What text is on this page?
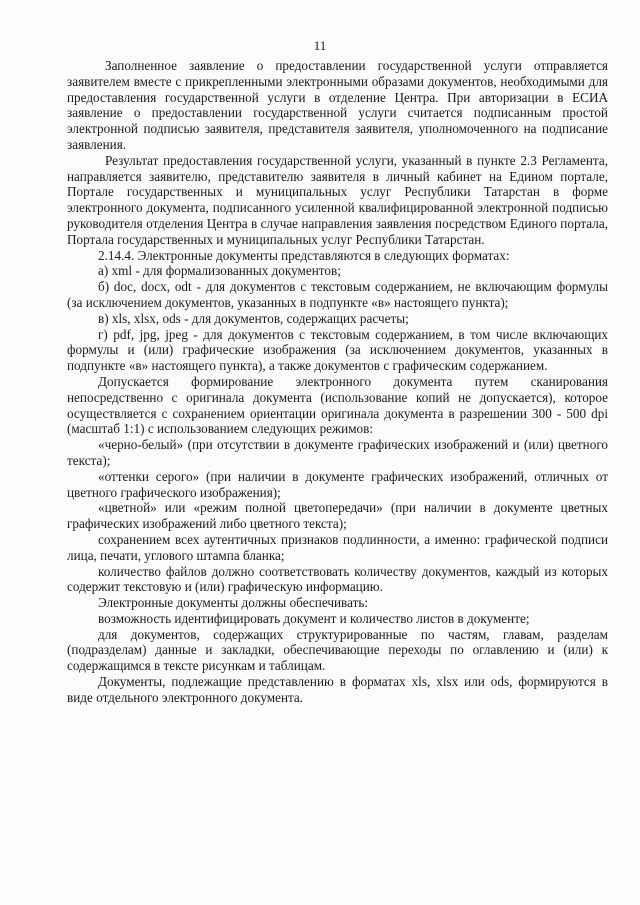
11

Заполненное заявление о предоставлении государственной услуги отправляется заявителем вместе с прикрепленными электронными образами документов, необходимыми для предоставления государственной услуги в отделение Центра. При авторизации в ЕСИА заявление о предоставлении государственной услуги считается подписанным простой электронной подписью заявителя, представителя заявителя, уполномоченного на подписание заявления.

Результат предоставления государственной услуги, указанный в пункте 2.3 Регламента, направляется заявителю, представителю заявителя в личный кабинет на Едином портале, Портале государственных и муниципальных услуг Республики Татарстан в форме электронного документа, подписанного усиленной квалифицированной электронной подписью руководителя отделения Центра в случае направления заявления посредством Единого портала, Портала государственных и муниципальных услуг Республики Татарстан.

2.14.4. Электронные документы представляются в следующих форматах:

а) xml - для формализованных документов;

б) doc, docx, odt - для документов с текстовым содержанием, не включающим формулы (за исключением документов, указанных в подпункте «в» настоящего пункта);

в) xls, xlsx, ods - для документов, содержащих расчеты;

г) pdf, jpg, jpeg - для документов с текстовым содержанием, в том числе включающих формулы и (или) графические изображения (за исключением документов, указанных в подпункте «в» настоящего пункта), а также документов с графическим содержанием.

Допускается формирование электронного документа путем сканирования непосредственно с оригинала документа (использование копий не допускается), которое осуществляется с сохранением ориентации оригинала документа в разрешении 300 - 500 dpi (масштаб 1:1) с использованием следующих режимов:

«черно-белый» (при отсутствии в документе графических изображений и (или) цветного текста);

«оттенки серого» (при наличии в документе графических изображений, отличных от цветного графического изображения);

«цветной» или «режим полной цветопередачи» (при наличии в документе цветных графических изображений либо цветного текста);

сохранением всех аутентичных признаков подлинности, а именно: графической подписи лица, печати, углового штампа бланка;

количество файлов должно соответствовать количеству документов, каждый из которых содержит текстовую и (или) графическую информацию.

Электронные документы должны обеспечивать:

возможность идентифицировать документ и количество листов в документе;

для документов, содержащих структурированные по частям, главам, разделам (подразделам) данные и закладки, обеспечивающие переходы по оглавлению и (или) к содержащимся в тексте рисункам и таблицам.

Документы, подлежащие представлению в форматах xls, xlsx или ods, формируются в виде отдельного электронного документа.
